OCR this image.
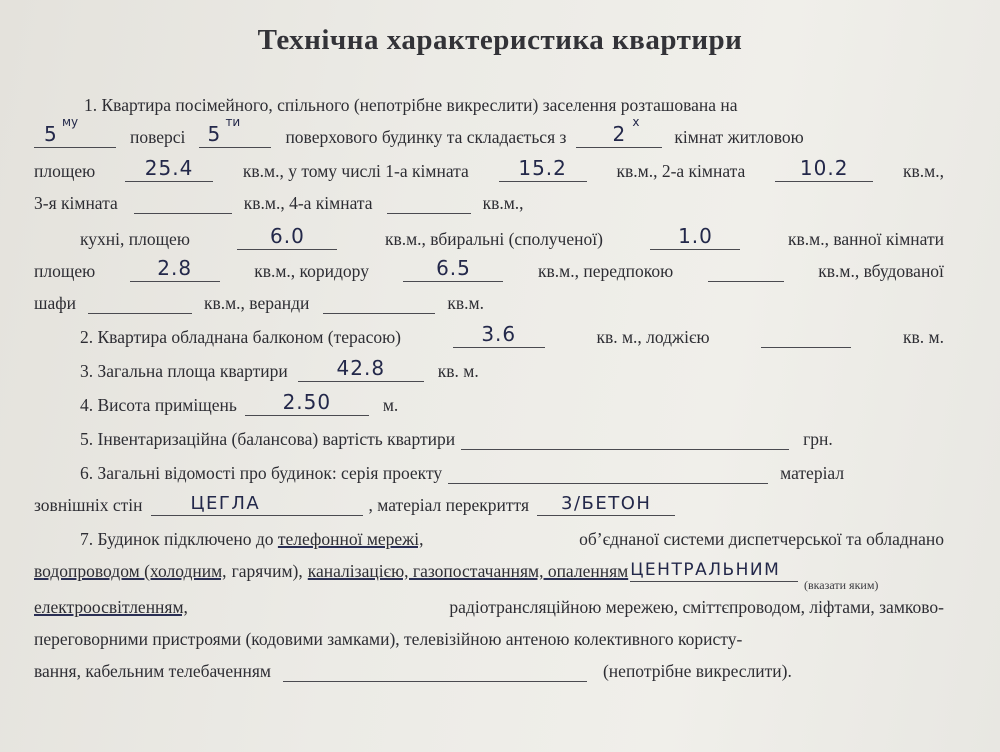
Технічна характеристика квартири
1. Квартира посімейного, спільного (непотрібне викреслити) заселення розташована на
5 му
поверсі 5 ти
поверхового будинку та складається з	2 х
кімнат житловою
площею	25.4	кв.м., у тому числі 1-а кімната	15.2	кв.м., 2-а кімната	10.2	кв.м.,
3-я кімната	кв.м., 4-а кімната	кв.м.,
кухні, площею	6.0	кв.м., вбиральні (сполученої)	1.0	кв.м., ванної кімнати
площею	2.8	кв.м., коридору	6.5	кв.м., передпокою	кв.м., вбудованої
шафи	кв.м., веранди	кв.м.
2. Квартира обладнана балконом (терасою)	3.6	кв. м., лоджією	кв. м.
3. Загальна площа квартири	42.8	кв. м.
4. Висота приміщень	2.50	м.
5. Інвентаризаційна (балансова) вартість квартири	грн.
6. Загальні відомості про будинок: серія проекту	матеріал
зовнішніх стін	ЦЕГЛА	, матеріал перекриття 3/БЕТОН
7. Будинок підключено до телефонної мережі,	об’єднаної системи диспетчерської та обладнано
водопроводом (холодним, гарячим), каналізацією, газопостачанням, опаленням ЦЕНТРАЛЬНИМ
(вказати яким)
електроосвітленням,	радіотрансляційною мережею, сміттєпроводом, ліфтами, замково-
переговорними пристроями (кодовими замками), телевізійною антеною колективного користу-
вання, кабельним телебаченням	(непотрібне викреслити).
